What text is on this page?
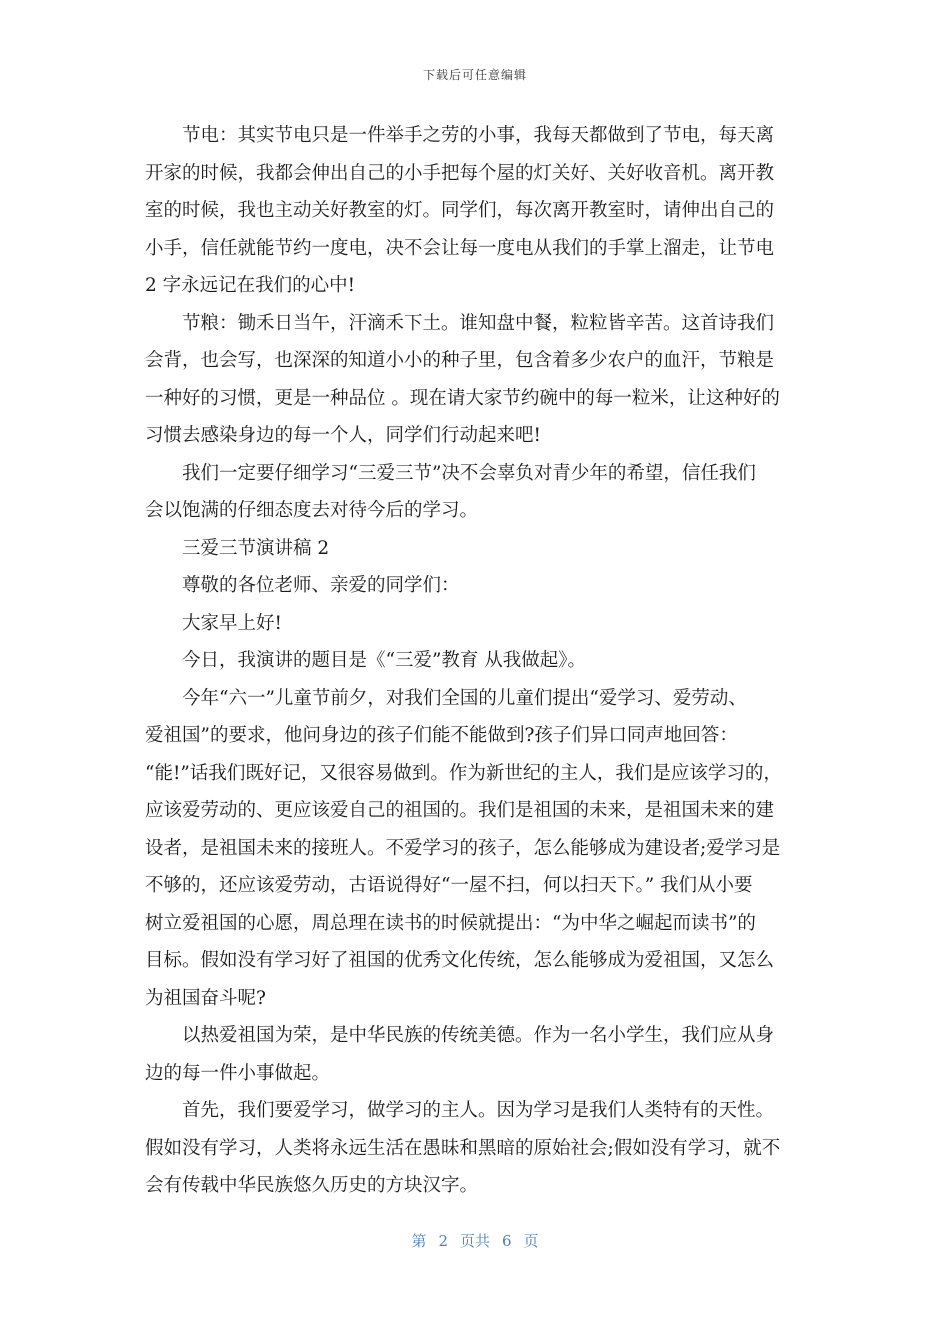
下载后可任意编辑
节电：其实节电只是一件举手之劳的小事，我每天都做到了节电，每天离
开家的时候，我都会伸出自己的小手把每个屋的灯关好、关好收音机。离开教
室的时候，我也主动关好教室的灯。同学们，每次离开教室时，请伸出自己的
小手，信任就能节约一度电，决不会让每一度电从我们的手掌上溜走，让节电
2 字永远记在我们的心中!
节粮：锄禾日当午，汗滴禾下土。谁知盘中餐，粒粒皆辛苦。这首诗我们
会背，也会写，也深深的知道小小的种子里，包含着多少农户的血汗，节粮是
一种好的习惯，更是一种品位 。现在请大家节约碗中的每一粒米，让这种好的
习惯去感染身边的每一个人，同学们行动起来吧!
我们一定要仔细学习“三爱三节”决不会辜负对青少年的希望，信任我们
会以饱满的仔细态度去对待今后的学习。
三爱三节演讲稿 2
尊敬的各位老师、亲爱的同学们：
大家早上好!
今日，我演讲的题目是《“三爱”教育 从我做起》。
今年“六一”儿童节前夕，对我们全国的儿童们提出“爱学习、爱劳动、
爱祖国”的要求，他问身边的孩子们能不能做到?孩子们异口同声地回答：
“能!”话我们既好记，又很容易做到。作为新世纪的主人，我们是应该学习的，
应该爱劳动的、更应该爱自己的祖国的。我们是祖国的未来，是祖国未来的建
设者，是祖国未来的接班人。不爱学习的孩子，怎么能够成为建设者;爱学习是
不够的，还应该爱劳动，古语说得好“一屋不扫，何以扫天下。” 我们从小要
树立爱祖国的心愿，周总理在读书的时候就提出：“为中华之崛起而读书”的
目标。假如没有学习好了祖国的优秀文化传统，怎么能够成为爱祖国，又怎么
为祖国奋斗呢?
以热爱祖国为荣，是中华民族的传统美德。作为一名小学生，我们应从身
边的每一件小事做起。
首先，我们要爱学习，做学习的主人。因为学习是我们人类特有的天性。
假如没有学习，人类将永远生活在愚昧和黑暗的原始社会;假如没有学习，就不
会有传载中华民族悠久历史的方块汉字。
第 2 页共 6 页
